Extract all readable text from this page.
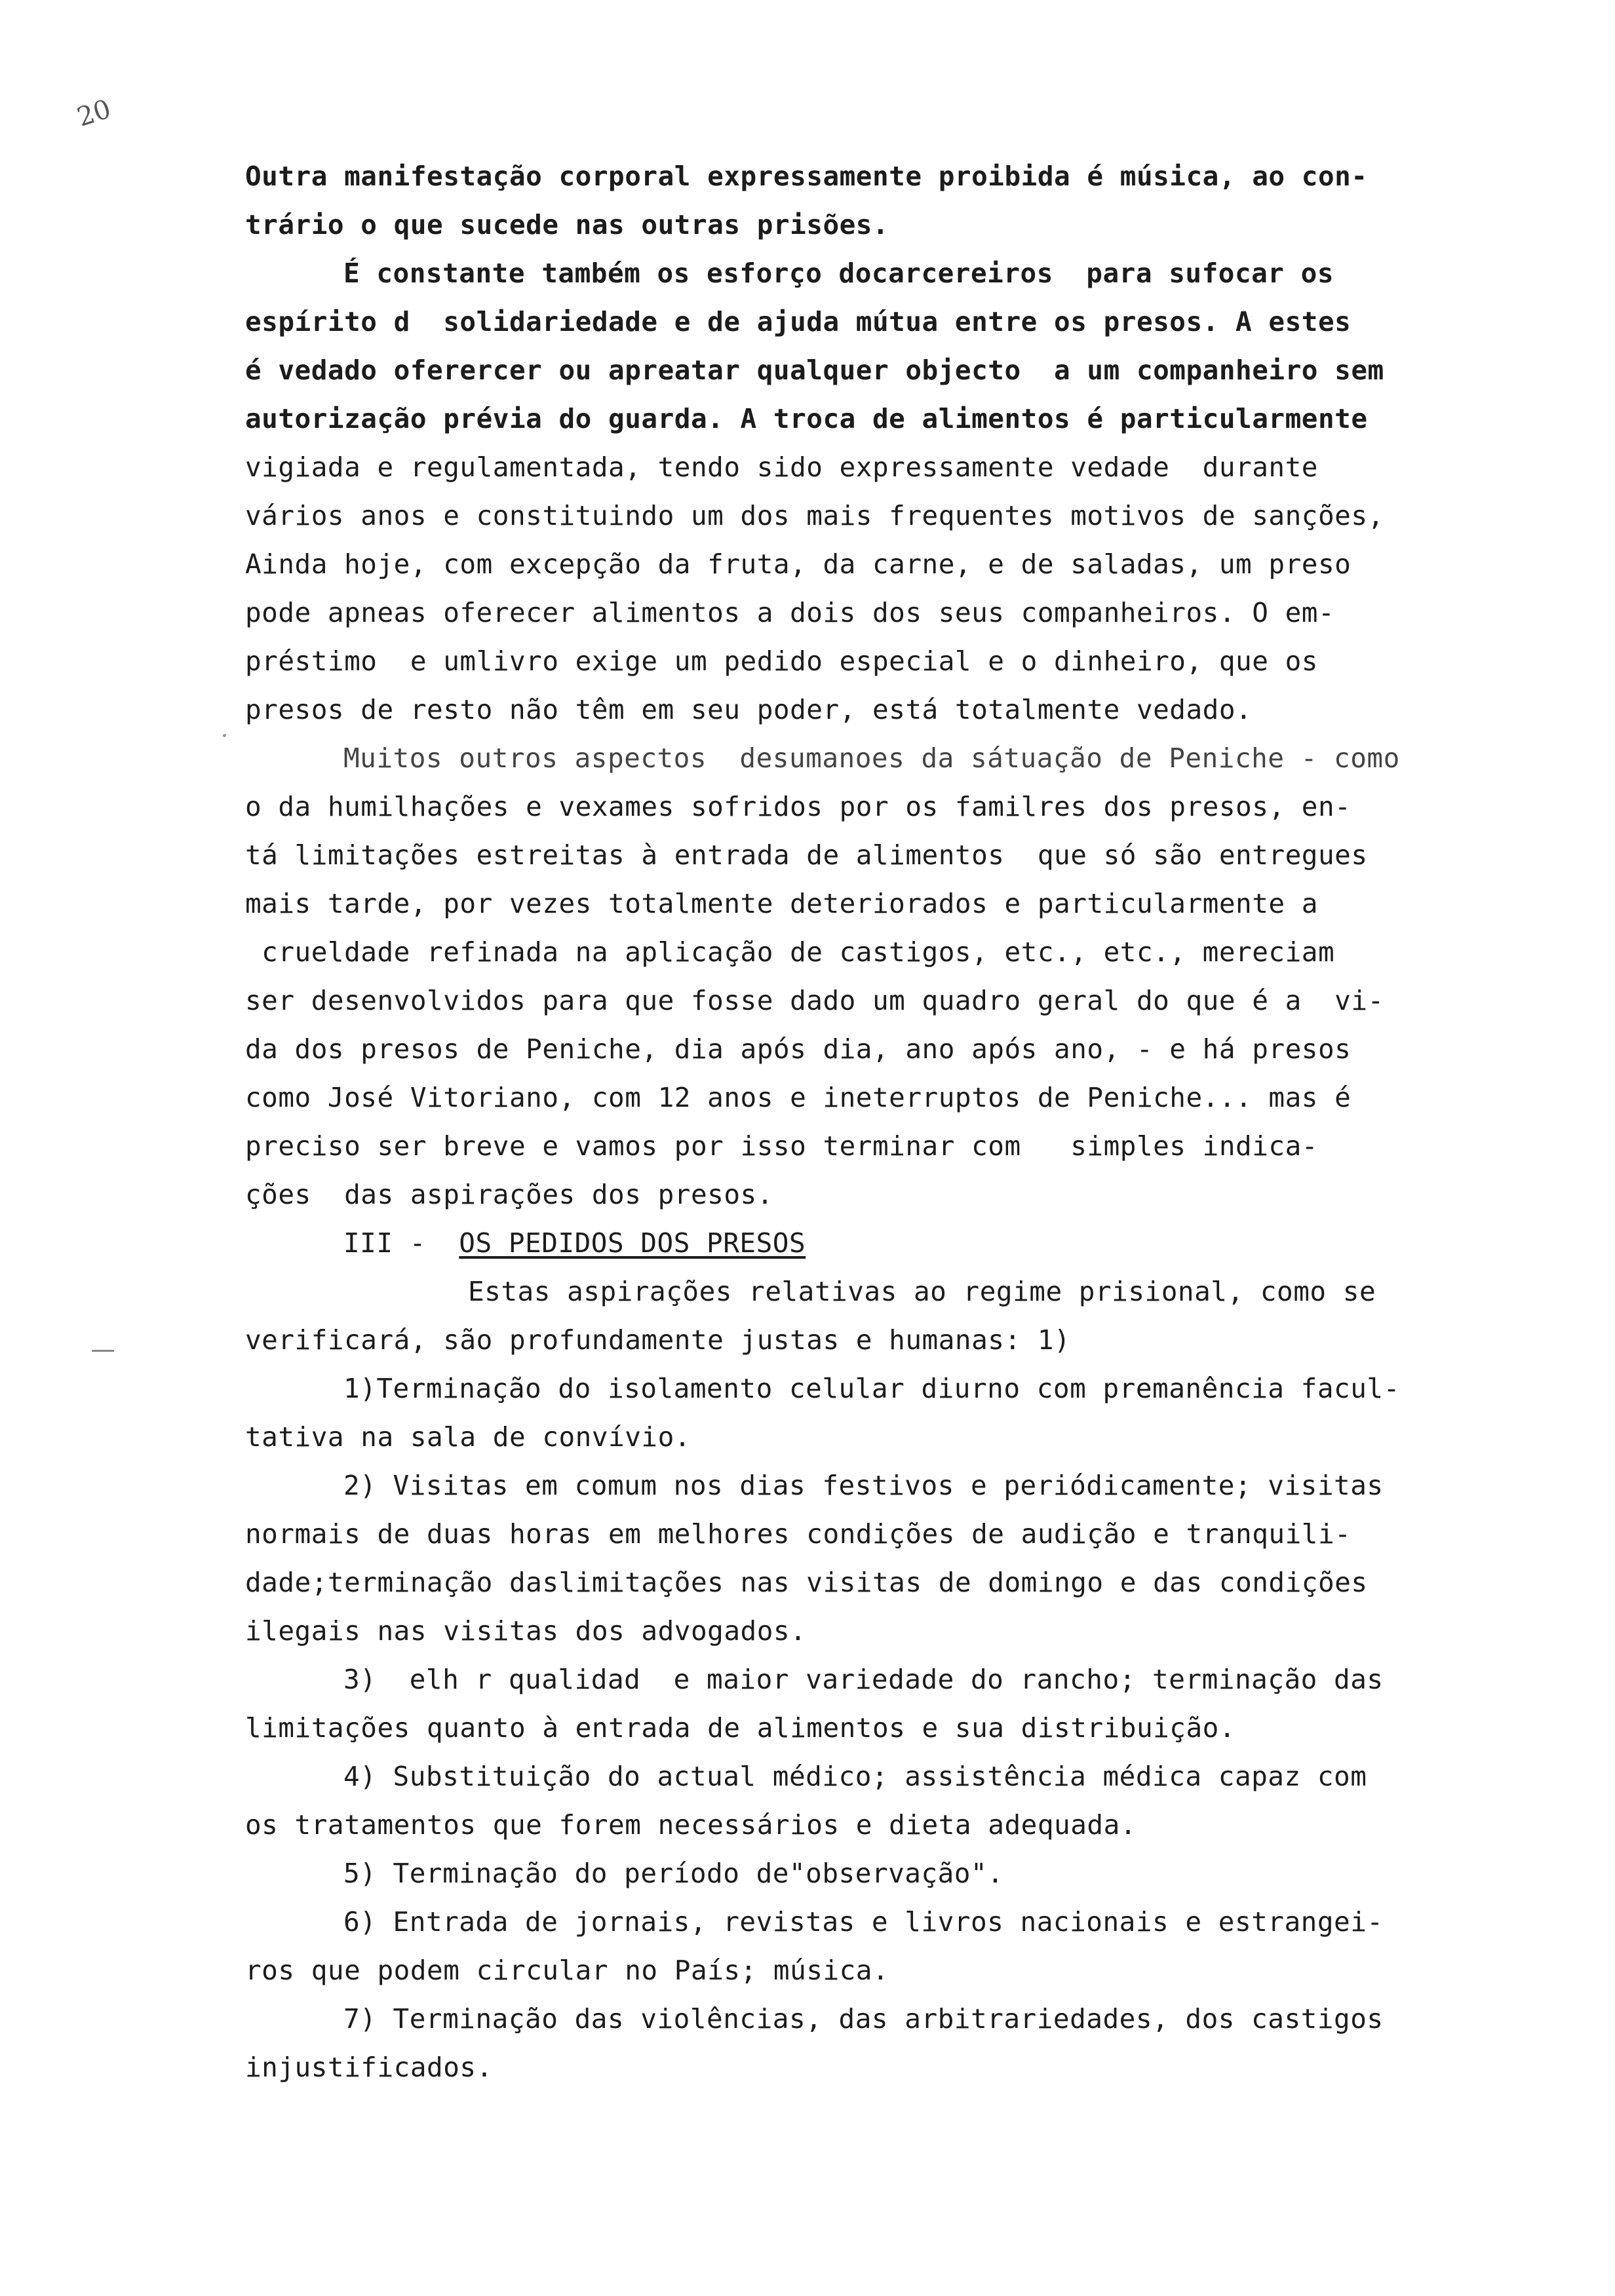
20
Outra manifestação corporal expressamente proibida é música, ao con-
trário o que sucede nas outras prisões.
É constante também os esforço docarcereiros  para sufocar os
espírito d  solidariedade e de ajuda mútua entre os presos. A estes
é vedado oferercer ou apreatar qualquer objecto  a um companheiro sem
autorização prévia do guarda. A troca de alimentos é particularmente
vigiada e regulamentada, tendo sido expressamente vedade  durante
vários anos e constituindo um dos mais frequentes motivos de sanções,
Ainda hoje, com excepção da fruta, da carne, e de saladas, um preso
pode apneas oferecer alimentos a dois dos seus companheiros. O em-
préstimo  e umlivro exige um pedido especial e o dinheiro, que os
presos de resto não têm em seu poder, está totalmente vedado.
Muitos outros aspectos  desumanoes da sátuação de Peniche - como
o da humilhações e vexames sofridos por os familres dos presos, en-
tá limitações estreitas à entrada de alimentos  que só são entregues
mais tarde, por vezes totalmente deteriorados e particularmente a
crueldade refinada na aplicação de castigos, etc., etc., mereciam
ser desenvolvidos para que fosse dado um quadro geral do que é a  vi-
da dos presos de Peniche, dia após dia, ano após ano, - e há presos
como José Vitoriano, com 12 anos e ineterruptos de Peniche... mas é
preciso ser breve e vamos por isso terminar com   simples indica-
ções  das aspirações dos presos.
III - OS PEDIDOS DOS PRESOS
Estas aspirações relativas ao regime prisional, como se
verificará, são profundamente justas e humanas: 1)
1)Terminação do isolamento celular diurno com premanência facul-
tativa na sala de convívio.
2) Visitas em comum nos dias festivos e periódicamente; visitas
normais de duas horas em melhores condições de audição e tranquili-
dade;terminação daslimitações nas visitas de domingo e das condições
ilegais nas visitas dos advogados.
3)  elh r qualidad  e maior variedade do rancho; terminação das
limitações quanto à entrada de alimentos e sua distribuição.
4) Substituição do actual médico; assistência médica capaz com
os tratamentos que forem necessários e dieta adequada.
5) Terminação do período de"observação".
6) Entrada de jornais, revistas e livros nacionais e estrangei-
ros que podem circular no País; música.
7) Terminação das violências, das arbitrariedades, dos castigos
injustificados.
